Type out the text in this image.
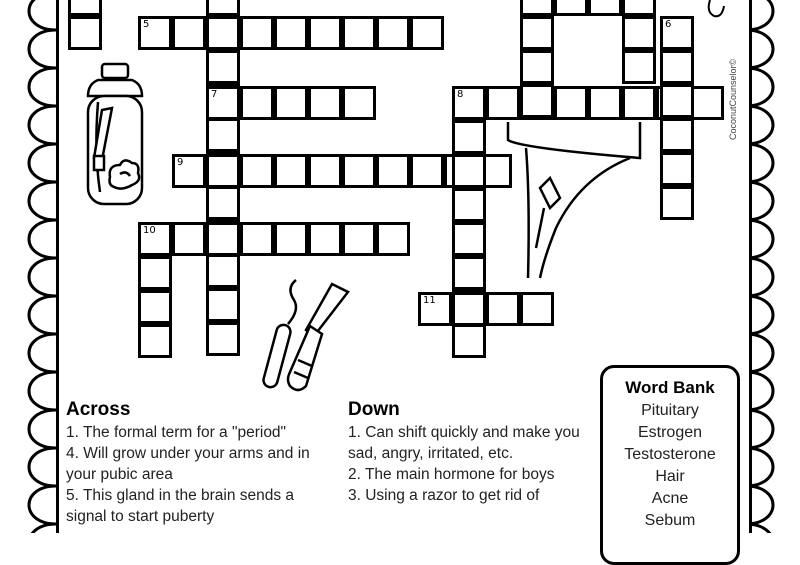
5
7
9
10
8
11
6
CoconutCounselor©
Across

1. The formal term for a "period"

4. Will grow under your arms and in your pubic area

5. This gland in the brain sends a signal to start puberty

Down

1. Can shift quickly and make you sad, angry, irritated, etc.

2. The main hormone for boys

3. Using a razor to get rid of

Word Bank
Pituitary
Estrogen
Testosterone
Hair
Acne
Sebum
